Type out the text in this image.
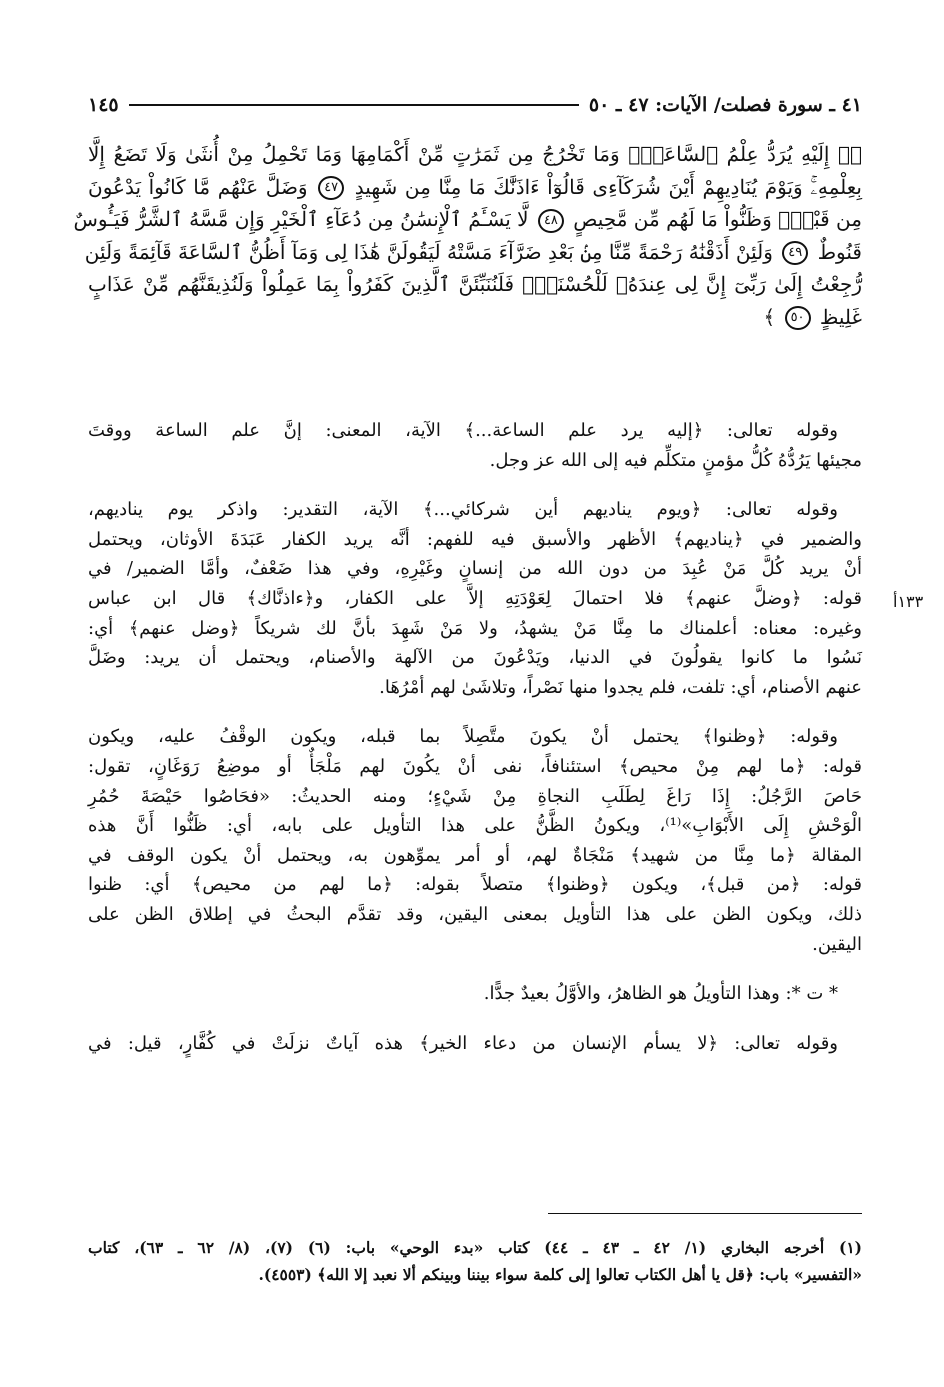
٤١ ـ سورة فصلت/ الآيات: ٤٧ ـ ٥٠
١٤٥
﴿۞ إِلَيْهِ يُرَدُّ عِلْمُ ٱلسَّاعَةِۚ وَمَا تَخْرُجُ مِن ثَمَرَٰتٍ مِّنْ أَكْمَامِهَا وَمَا تَحْمِلُ مِنْ أُنثَىٰ وَلَا تَضَعُ إِلَّا
بِعِلْمِهِۦۚ وَيَوْمَ يُنَادِيهِمْ أَيْنَ شُرَكَآءِى قَالُوٓاْ ءَاذَنَّٰكَ مَا مِنَّا مِن شَهِيدٍ ٤٧ وَضَلَّ عَنْهُم مَّا كَانُواْ يَدْعُونَ
مِن قَبْلُۖ وَظَنُّواْ مَا لَهُم مِّن مَّحِيصٍ ٤٨ لَّا يَسْـَٔمُ ٱلْإِنسَٰنُ مِن دُعَآءِ ٱلْخَيْرِ وَإِن مَّسَّهُ ٱلشَّرُّ فَيَـُٔوسٌ
قَنُوطٌ ٤٩ وَلَئِنْ أَذَقْنَٰهُ رَحْمَةً مِّنَّا مِنۢ بَعْدِ ضَرَّآءَ مَسَّتْهُ لَيَقُولَنَّ هَٰذَا لِى وَمَآ أَظُنُّ ٱلسَّاعَةَ قَآئِمَةً وَلَئِن
رُّجِعْتُ إِلَىٰ رَبِّىٓ إِنَّ لِى عِندَهُۥ لَلْحُسْنَىٰۚ فَلَنُنَبِّئَنَّ ٱلَّذِينَ كَفَرُواْ بِمَا عَمِلُواْ وَلَنُذِيقَنَّهُم مِّنْ عَذَابٍ
غَلِيظٍ ٥٠ ﴾
وقوله تعالى: ﴿إليه يرد علم الساعة...﴾ الآية، المعنى: إنَّ علم الساعة ووقتَ
مجيئها يَرُدُّهُ كُلُّ مؤمنٍ متكلِّم فيه إلى الله عز وجل.
وقوله تعالى: ﴿ويوم يناديهم أين شركائي...﴾ الآية، التقدير: واذكر يوم يناديهم،
والضمير في ﴿يناديهم﴾ الأظهر والأسبق فيه للفهم: أنَّه يريد الكفار عَبَدَةَ الأوثان، ويحتمل
أنْ يريد كُلَّ مَنْ عُبِدَ من دون الله من إنسانٍ وغَيْرِهِ، وفي هذا ضَعْفٌ، وأمَّا الضمير/ في
قوله: ﴿وضلَّ عنهم﴾ فلا احتمالَ لِعَوْدَتِهِ إلاَّ على الكفار، و﴿ءاذنَّاك﴾ قال ابن عباس
وغيره: معناه: أعلمناك ما مِنَّا مَنْ يشهدُ، ولا مَنْ شَهِدَ بأنَّ لك شريكاً ﴿وضل عنهم﴾ أي:
نَسُوا ما كانوا يقولُونَ في الدنيا، ويَدْعُونَ من الآلهة والأصنام، ويحتمل أن يريد: وضَلَّ
عنهم الأصنام، أي: تلفت، فلم يجدوا منها نَصْراً، وتلاشَىٰ لهم أمْرُهَا.
وقوله: ﴿وظنوا﴾ يحتمل أنْ يكونَ متَّصِلاً بما قبله، ويكون الوقْفُ عليه، ويكون
قوله: ﴿ما لهم مِنْ محيص﴾ استئنافاً، نفى أنْ يكُونَ لهم مَلْجَأٌ أو موضِعُ رَوَغَانٍ، تقول:
حَاصَ الرَّجُلُ: إِذَا رَاغَ لِطَلَبِ النجاةِ مِنْ شَيْءٍ؛ ومنه الحديثُ: «فحَاصُوا حَيْصَةَ حُمُرِ
الْوَحْشِ إِلَى الأَبْوَابِ»⁽¹⁾، ويكونُ الظَّنُّ على هذا التأويل على بابه، أي: ظَنُّوا أَنَّ هذه
المقالة ﴿ما مِنَّا من شهيد﴾ مَنْجَاةٌ لهم، أو أمر يموِّهون به، ويحتمل أنْ يكون الوقف في
قوله: ﴿من قبل﴾، ويكون ﴿وظنوا﴾ متصلاً بقوله: ﴿ما لهم من محيص﴾ أي: ظنوا
ذلك، ويكون الظن على هذا التأويل بمعنى اليقين، وقد تقدَّم البحثُ في إطلاق الظن على
اليقين.
* ت *: وهذا التأويلُ هو الظاهرُ، والأوَّلُ بعيدٌ جدًّا.
وقوله تعالى: ﴿لا يسأم الإنسان من دعاء الخير﴾ هذه آياتٌ نزلَتْ في كُفَّارٍ، قيل: في
١٣٣أ
(١) أخرجه البخاري (١/ ٤٢ ـ ٤٣ ـ ٤٤) كتاب «بدء الوحي» باب: (٦) (٧)، (٨/ ٦٢ ـ ٦٣)، كتاب
«التفسير» باب: ﴿قل يا أهل الكتاب تعالوا إلى كلمة سواء بيننا وبينكم ألا نعبد إلا الله﴾ (٤٥٥٣).
